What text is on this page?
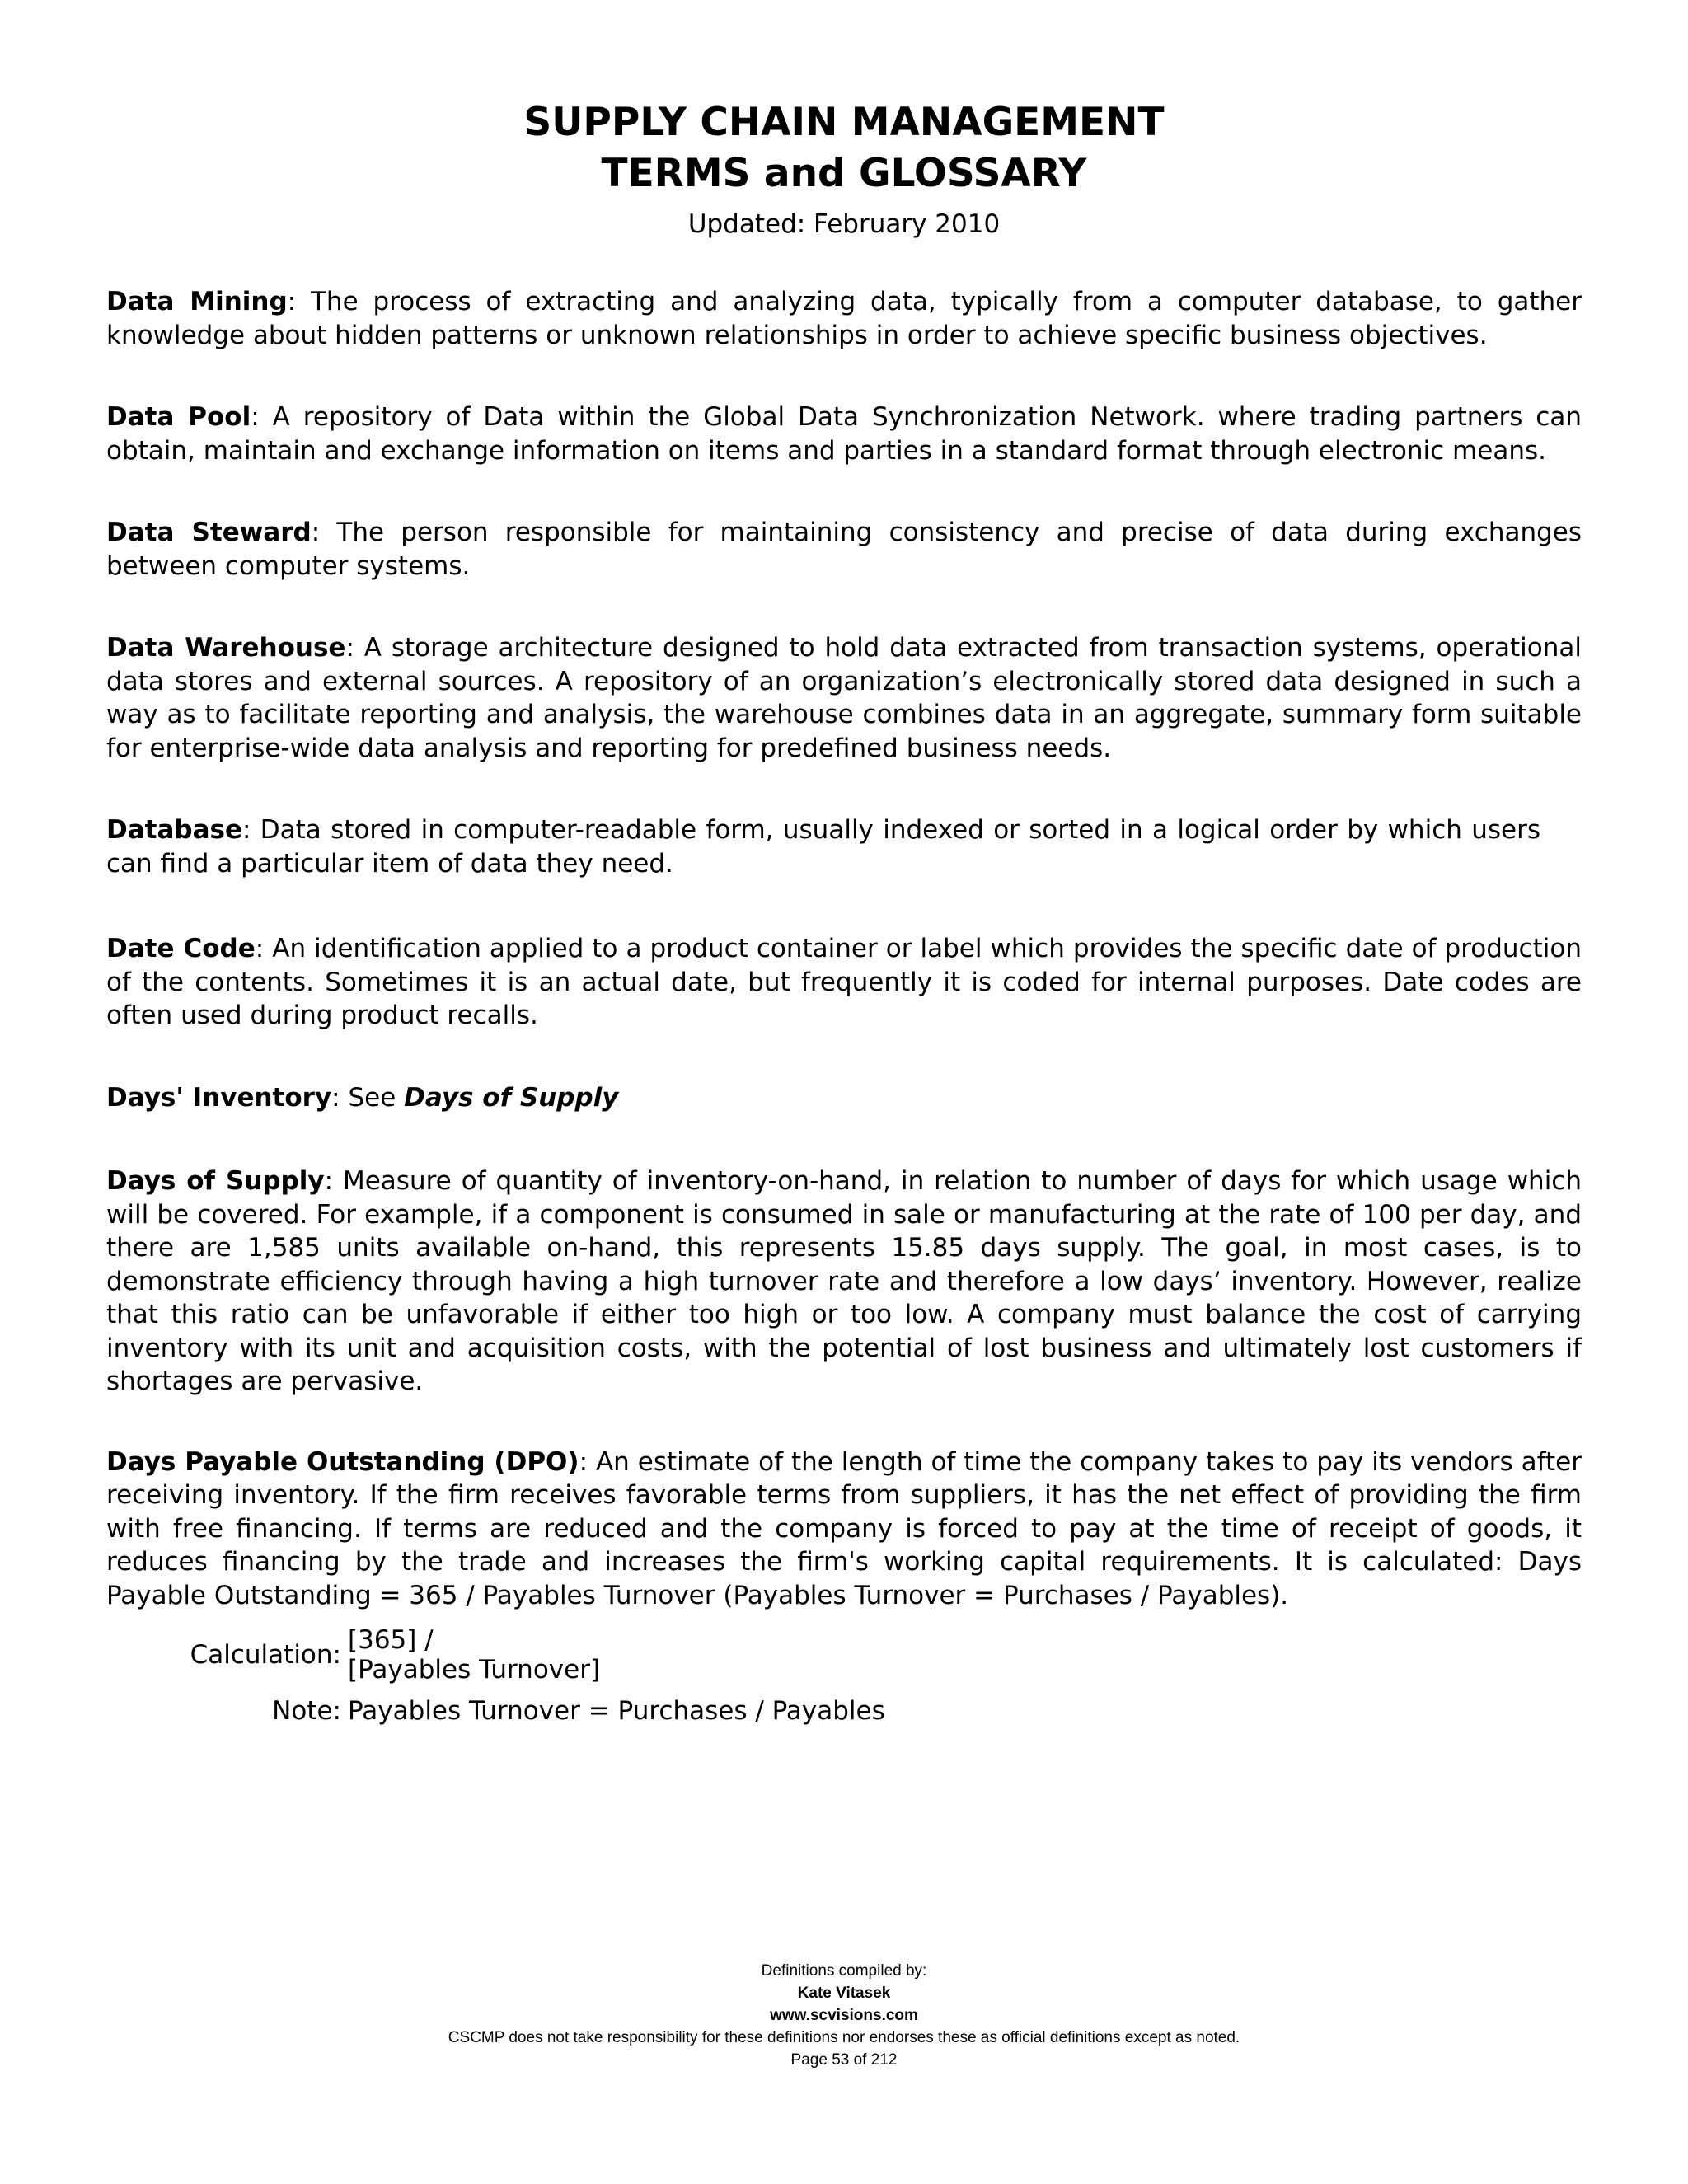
SUPPLY CHAIN MANAGEMENT
TERMS and GLOSSARY
Updated: February 2010

Data Mining: The process of extracting and analyzing data, typically from a computer database, to gather knowledge about hidden patterns or unknown relationships in order to achieve specific business objectives.

Data Pool: A repository of Data within the Global Data Synchronization Network. where trading partners can obtain, maintain and exchange information on items and parties in a standard format through electronic means.

Data Steward: The person responsible for maintaining consistency and precise of data during exchanges between computer systems.

Data Warehouse: A storage architecture designed to hold data extracted from transaction systems, operational data stores and external sources. A repository of an organization’s electronically stored data designed in such a way as to facilitate reporting and analysis, the warehouse combines data in an aggregate, summary form suitable for enterprise-wide data analysis and reporting for predefined business needs.

Database: Data stored in computer-readable form, usually indexed or sorted in a logical order by which users can find a particular item of data they need.

Date Code: An identification applied to a product container or label which provides the specific date of production of the contents. Sometimes it is an actual date, but frequently it is coded for internal purposes. Date codes are often used during product recalls.

Days' Inventory: See Days of Supply

Days of Supply: Measure of quantity of inventory-on-hand, in relation to number of days for which usage which will be covered. For example, if a component is consumed in sale or manufacturing at the rate of 100 per day, and there are 1,585 units available on-hand, this represents 15.85 days supply. The goal, in most cases, is to demonstrate efficiency through having a high turnover rate and therefore a low days’ inventory. However, realize that this ratio can be unfavorable if either too high or too low. A company must balance the cost of carrying inventory with its unit and acquisition costs, with the potential of lost business and ultimately lost customers if shortages are pervasive.

Days Payable Outstanding (DPO): An estimate of the length of time the company takes to pay its vendors after receiving inventory. If the firm receives favorable terms from suppliers, it has the net effect of providing the firm with free financing. If terms are reduced and the company is forced to pay at the time of receipt of goods, it reduces financing by the trade and increases the firm's working capital requirements. It is calculated: Days Payable Outstanding = 365 / Payables Turnover (Payables Turnover = Purchases / Payables).

Calculation: [365] /
[Payables Turnover]
Note: Payables Turnover = Purchases / Payables
Definitions compiled by:
Kate Vitasek
www.scvisions.com
CSCMP does not take responsibility for these definitions nor endorses these as official definitions except as noted.
Page 53 of 212
